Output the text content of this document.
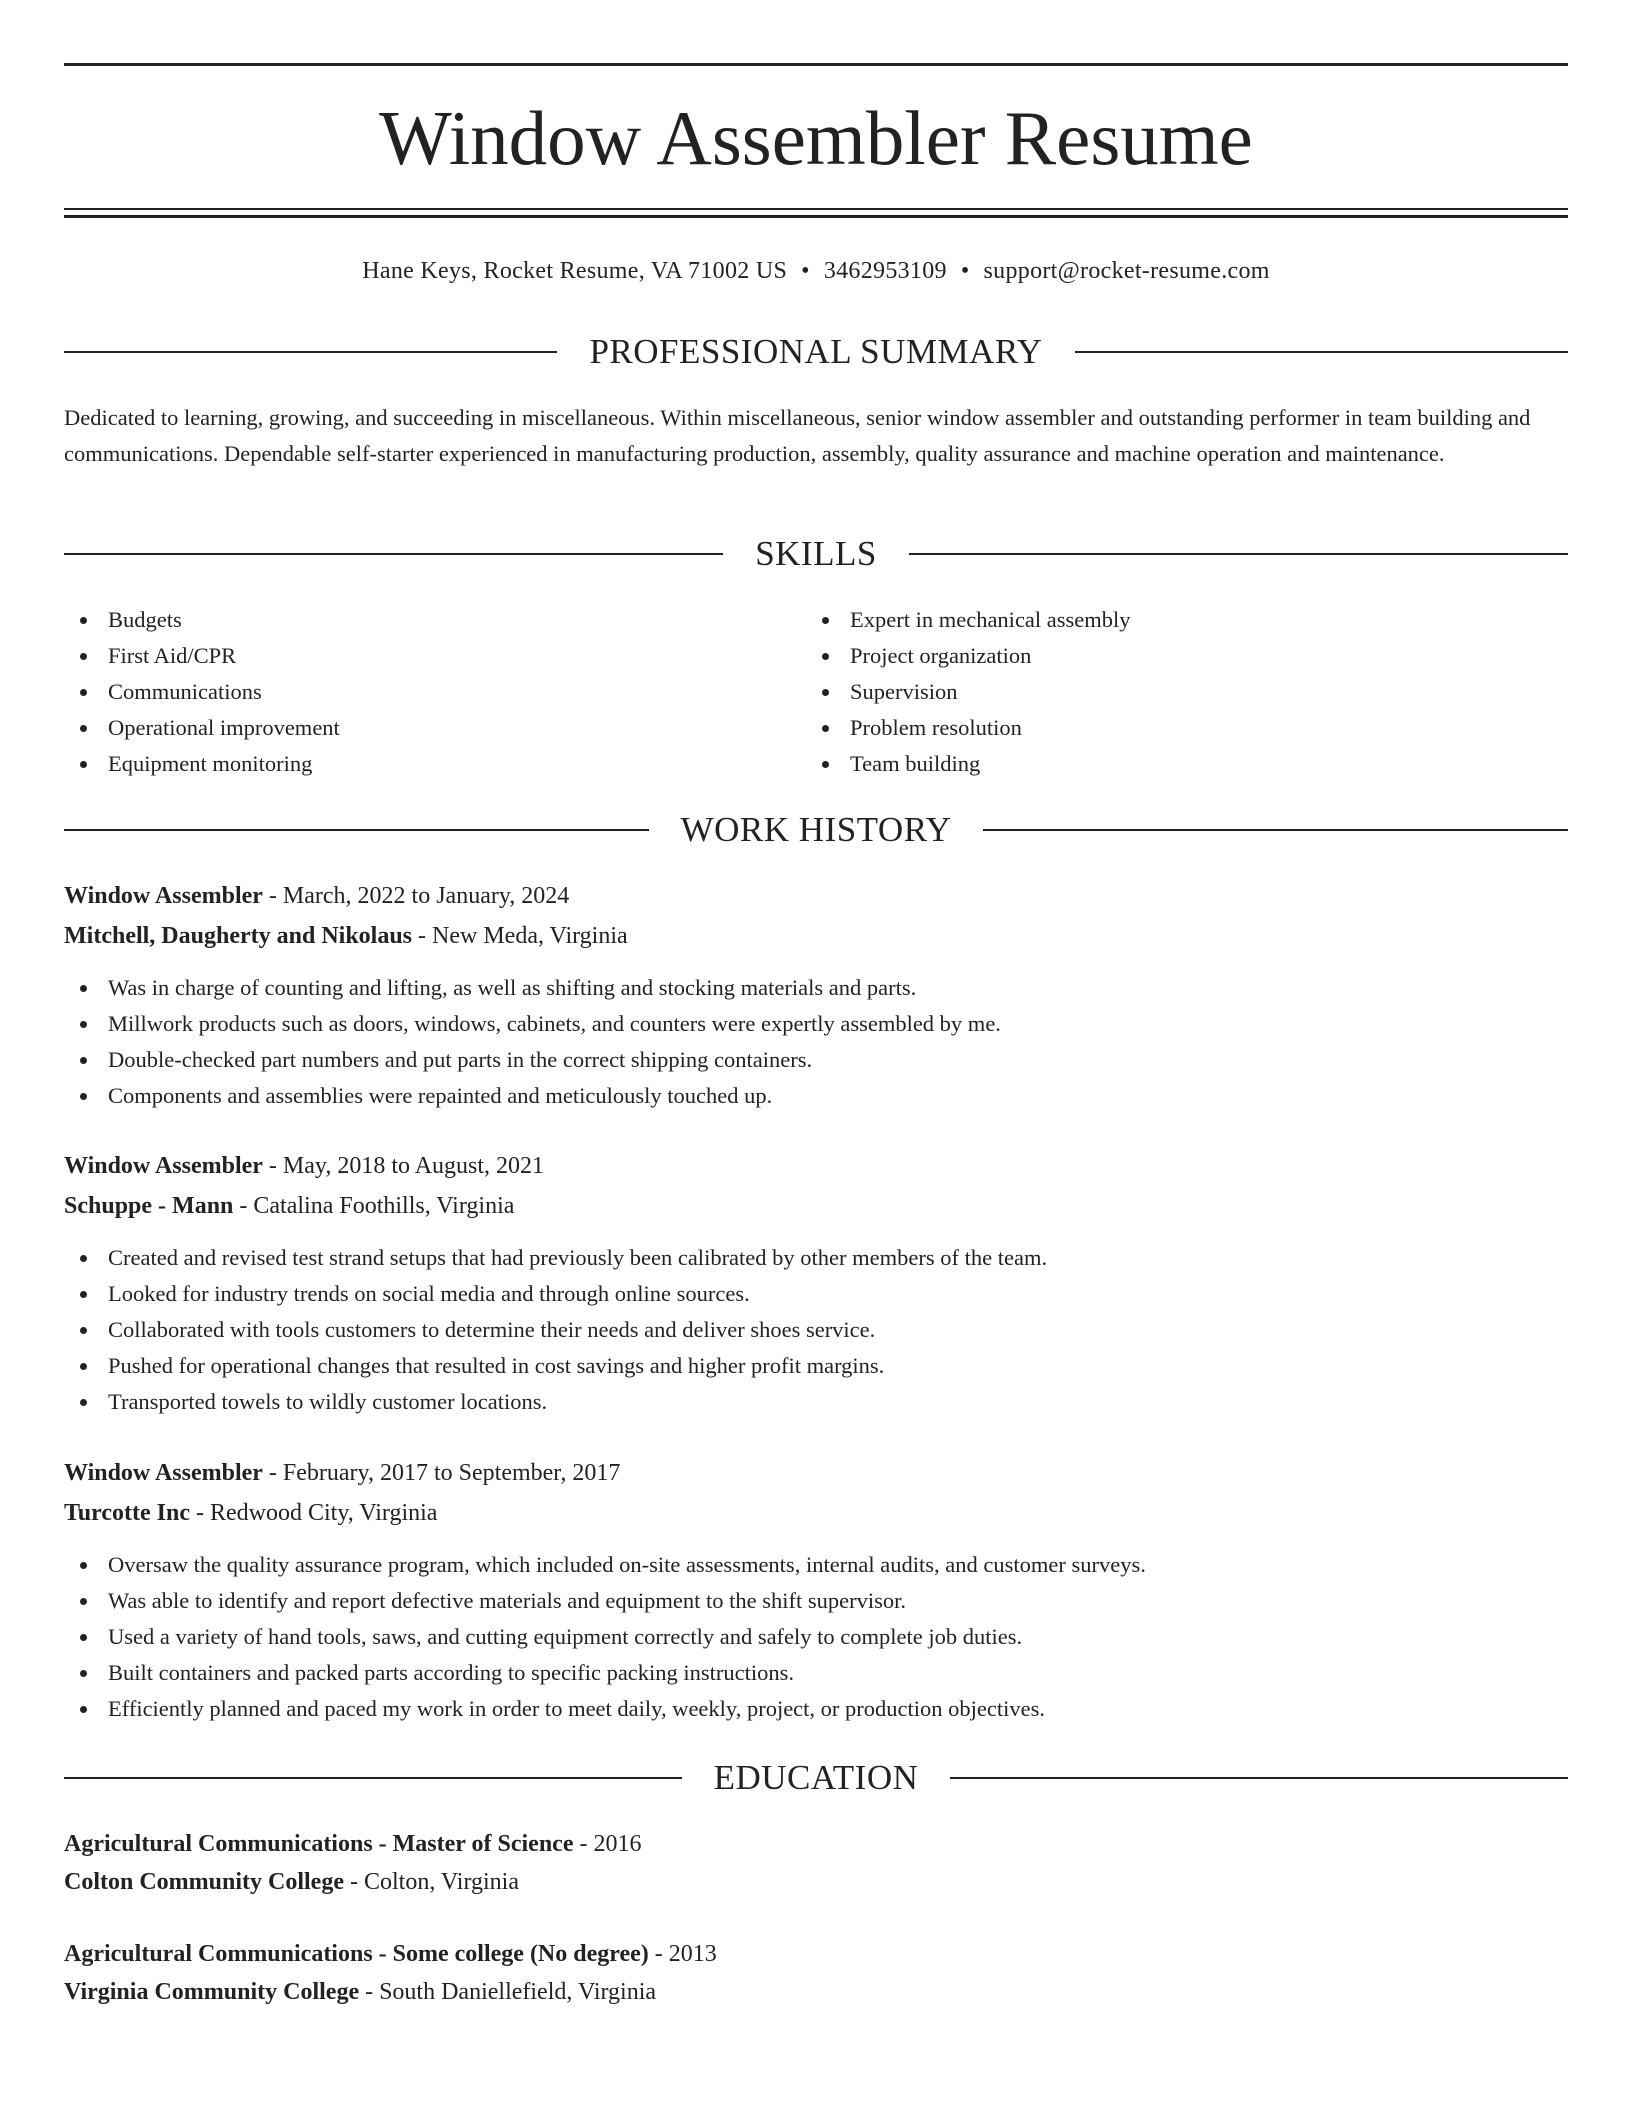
Window Assembler Resume
Hane Keys, Rocket Resume, VA 71002 US • 3462953109 • support@rocket-resume.com
PROFESSIONAL SUMMARY
Dedicated to learning, growing, and succeeding in miscellaneous. Within miscellaneous, senior window assembler and outstanding performer in team building and communications. Dependable self-starter experienced in manufacturing production, assembly, quality assurance and machine operation and maintenance.
SKILLS
Budgets
First Aid/CPR
Communications
Operational improvement
Equipment monitoring
Expert in mechanical assembly
Project organization
Supervision
Problem resolution
Team building
WORK HISTORY
Window Assembler - March, 2022 to January, 2024
Mitchell, Daugherty and Nikolaus - New Meda, Virginia
Was in charge of counting and lifting, as well as shifting and stocking materials and parts.
Millwork products such as doors, windows, cabinets, and counters were expertly assembled by me.
Double-checked part numbers and put parts in the correct shipping containers.
Components and assemblies were repainted and meticulously touched up.
Window Assembler - May, 2018 to August, 2021
Schuppe - Mann - Catalina Foothills, Virginia
Created and revised test strand setups that had previously been calibrated by other members of the team.
Looked for industry trends on social media and through online sources.
Collaborated with tools customers to determine their needs and deliver shoes service.
Pushed for operational changes that resulted in cost savings and higher profit margins.
Transported towels to wildly customer locations.
Window Assembler - February, 2017 to September, 2017
Turcotte Inc - Redwood City, Virginia
Oversaw the quality assurance program, which included on-site assessments, internal audits, and customer surveys.
Was able to identify and report defective materials and equipment to the shift supervisor.
Used a variety of hand tools, saws, and cutting equipment correctly and safely to complete job duties.
Built containers and packed parts according to specific packing instructions.
Efficiently planned and paced my work in order to meet daily, weekly, project, or production objectives.
EDUCATION
Agricultural Communications - Master of Science - 2016
Colton Community College - Colton, Virginia
Agricultural Communications - Some college (No degree) - 2013
Virginia Community College - South Daniellefield, Virginia
